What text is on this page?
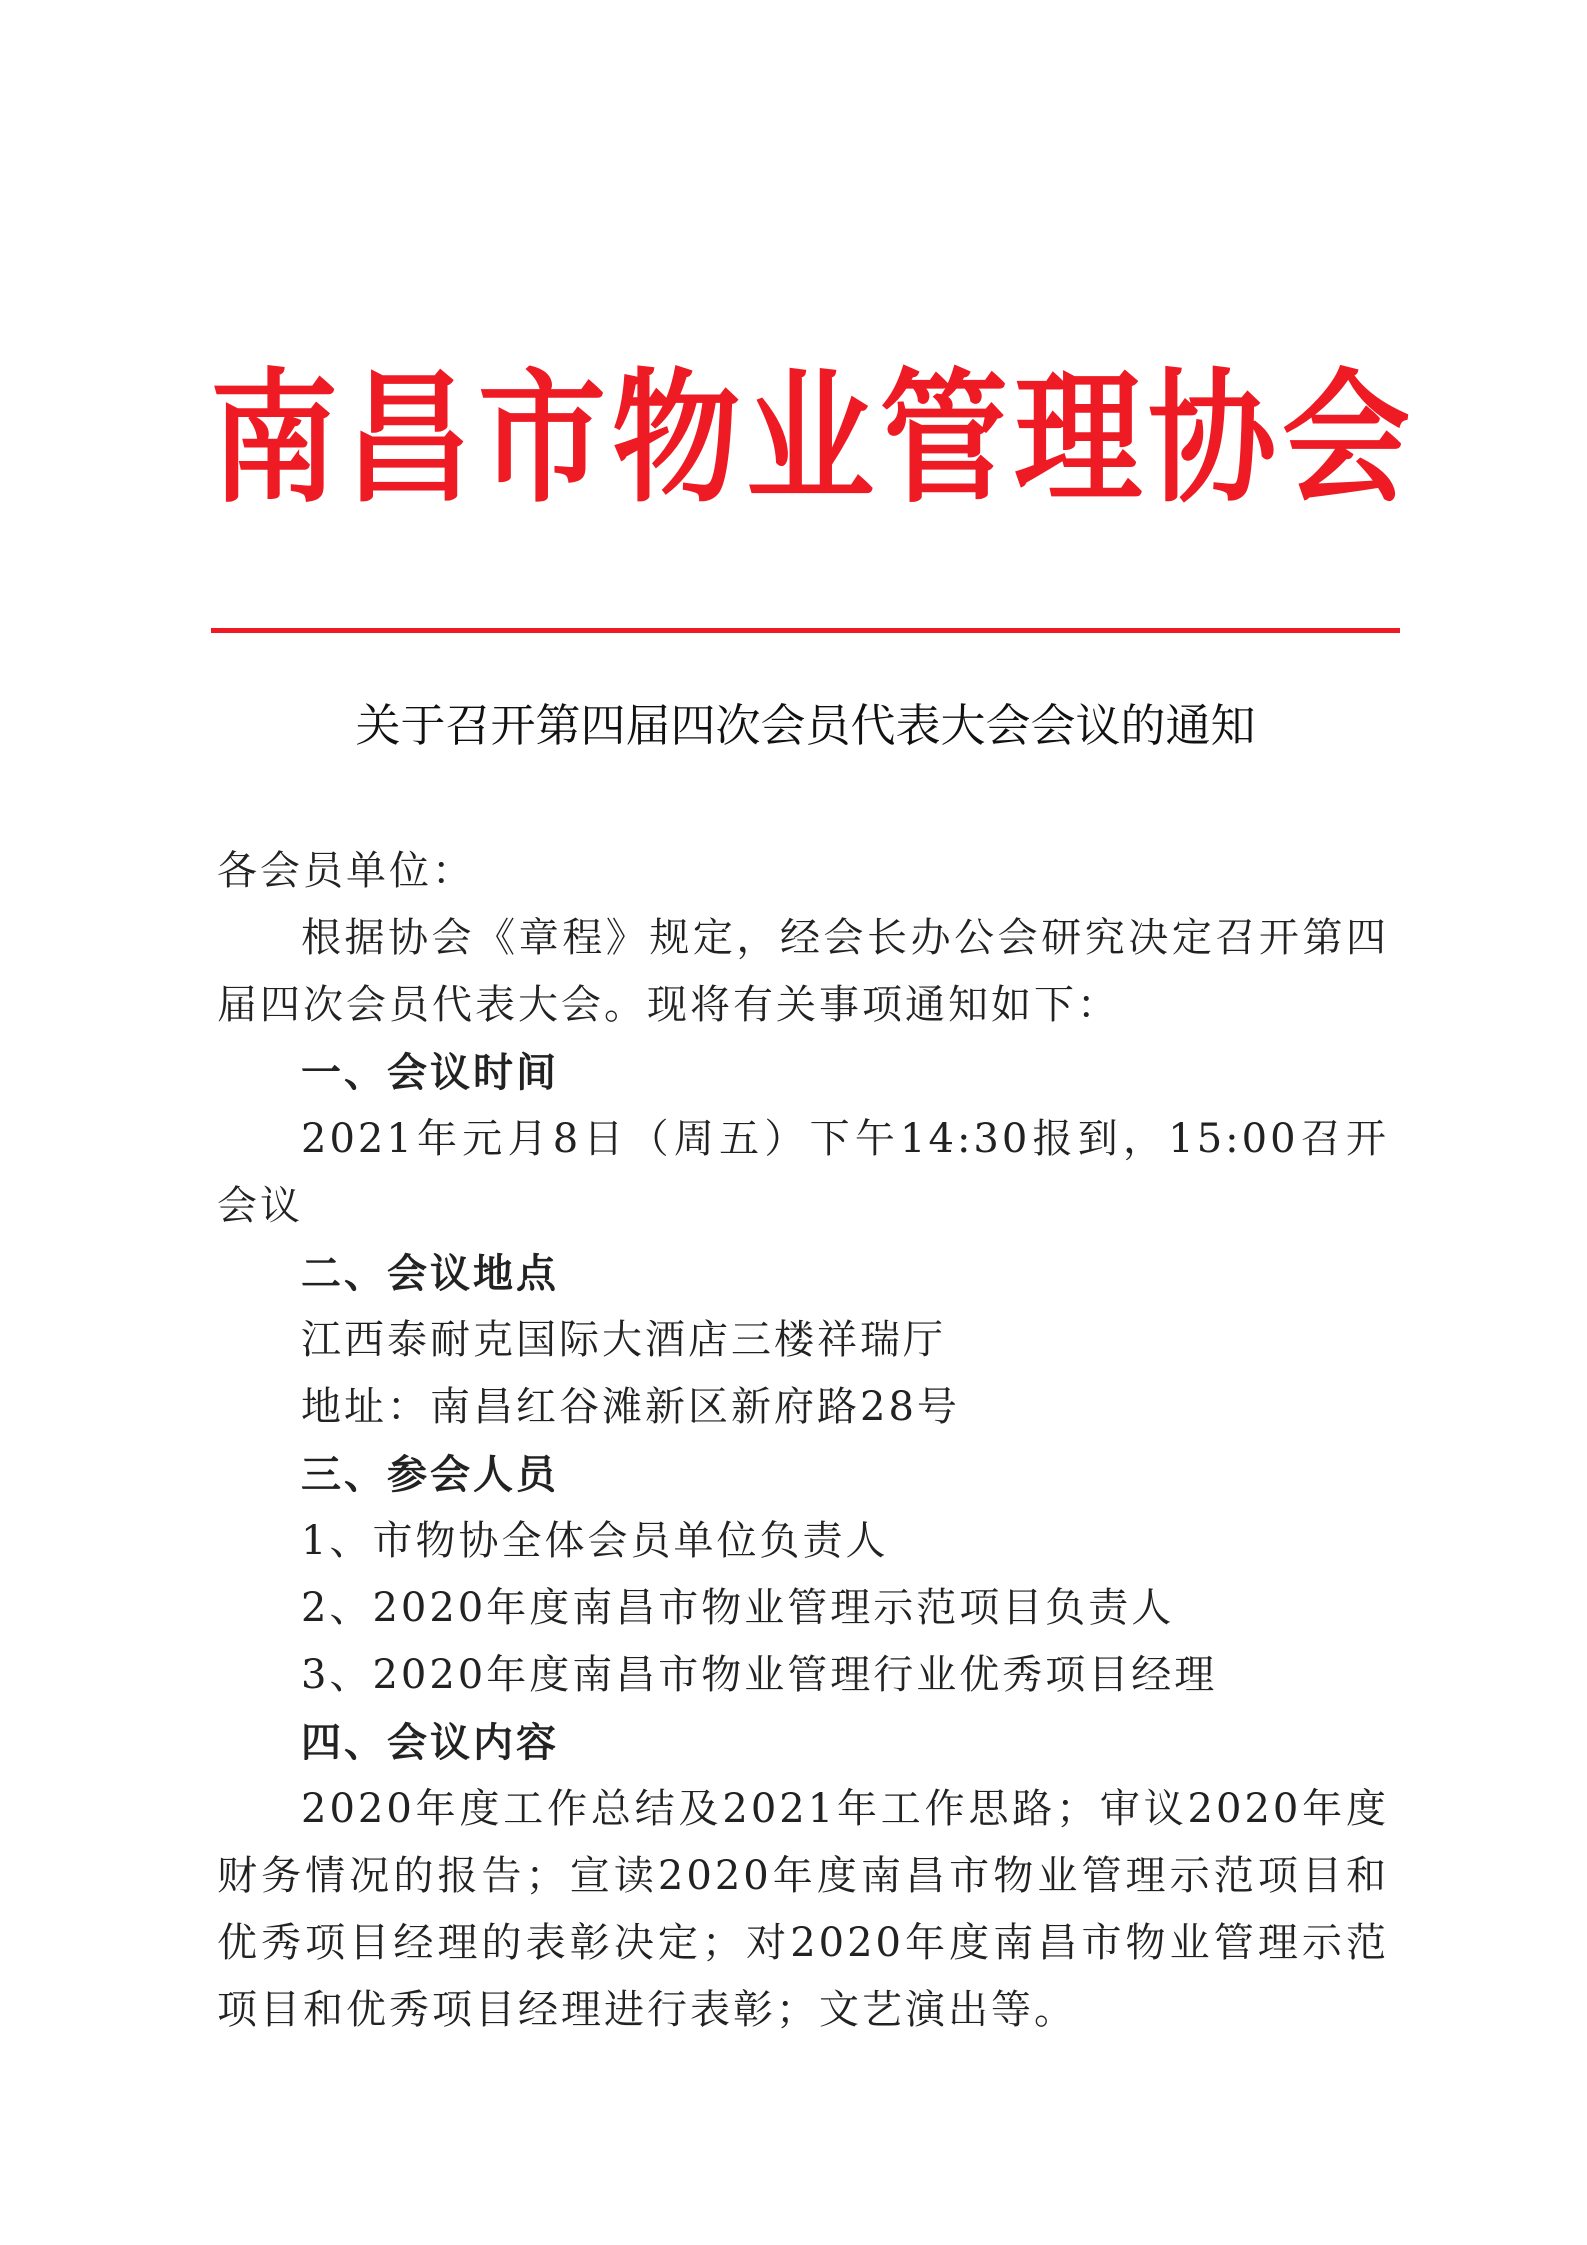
南昌市物业管理协会
关于召开第四届四次会员代表大会会议的通知

各会员单位：

根据协会《章程》规定，经会长办公会研究决定召开第四届四次会员代表大会。现将有关事项通知如下：

一、会议时间

2021年元月8日（周五）下午14:30报到，15:00召开会议

二、会议地点

江西泰耐克国际大酒店三楼祥瑞厅

地址：南昌红谷滩新区新府路28号

三、参会人员

1、市物协全体会员单位负责人

2、2020年度南昌市物业管理示范项目负责人

3、2020年度南昌市物业管理行业优秀项目经理

四、会议内容

2020年度工作总结及2021年工作思路；审议2020年度财务情况的报告；宣读2020年度南昌市物业管理示范项目和优秀项目经理的表彰决定；对2020年度南昌市物业管理示范项目和优秀项目经理进行表彰；文艺演出等。
